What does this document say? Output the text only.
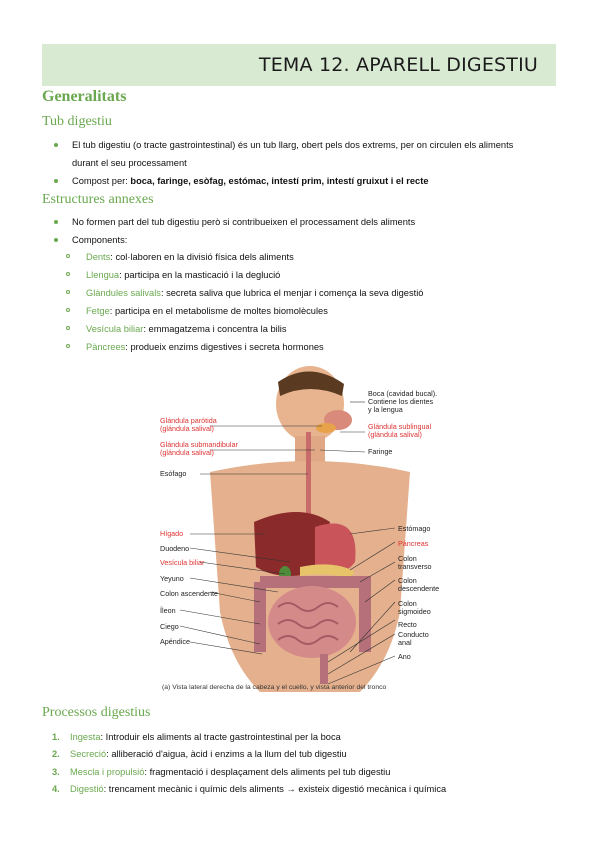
TEMA 12. APARELL DIGESTIU
Generalitats
Tub digestiu
El tub digestiu (o tracte gastrointestinal) és un tub llarg, obert pels dos extrems, per on circulen els aliments
durant el seu processament
Compost per: boca, faringe, esòfag, estómac, intestí prim, intestí gruixut i el recte
Estructures annexes
No formen part del tub digestiu però si contribueixen el processament dels aliments
Components:
Dents: col·laboren en la divisió física dels aliments
Llengua: participa en la masticació i la deglució
Glàndules salivals: secreta saliva que lubrica el menjar i comença la seva digestió
Fetge: participa en el metabolisme de moltes biomolècules
Vesícula biliar: emmagatzema i concentra la bilis
Pàncrees: produeix enzims digestives i secreta hormones
Glándula parótida
(glándula salival)
Glándula submandibular
(glándula salival)
Esófago
Hígado
Duodeno
Vesícula biliar
Yeyuno
Colon ascendente
Íleon
Ciego
Apéndice
Boca (cavidad bucal).
Contiene los dientes
y la lengua
Glándula sublingual
(glándula salival)
Faringe
Estómago
Páncreas
Colon
transverso
Colon
descendente
Colon
sigmoideo
Recto
Conducto
anal
Ano
(a) Vista lateral derecha de la cabeza y el cuello, y vista anterior del tronco
Processos digestius
1. Ingesta: Introduir els aliments al tracte gastrointestinal per la boca
2. Secreció: alliberació d'aigua, àcid i enzims a la llum del tub digestiu
3. Mescla i propulsió: fragmentació i desplaçament dels aliments pel tub digestiu
4. Digestió: trencament mecànic i químic dels aliments → existeix digestió mecànica i química
